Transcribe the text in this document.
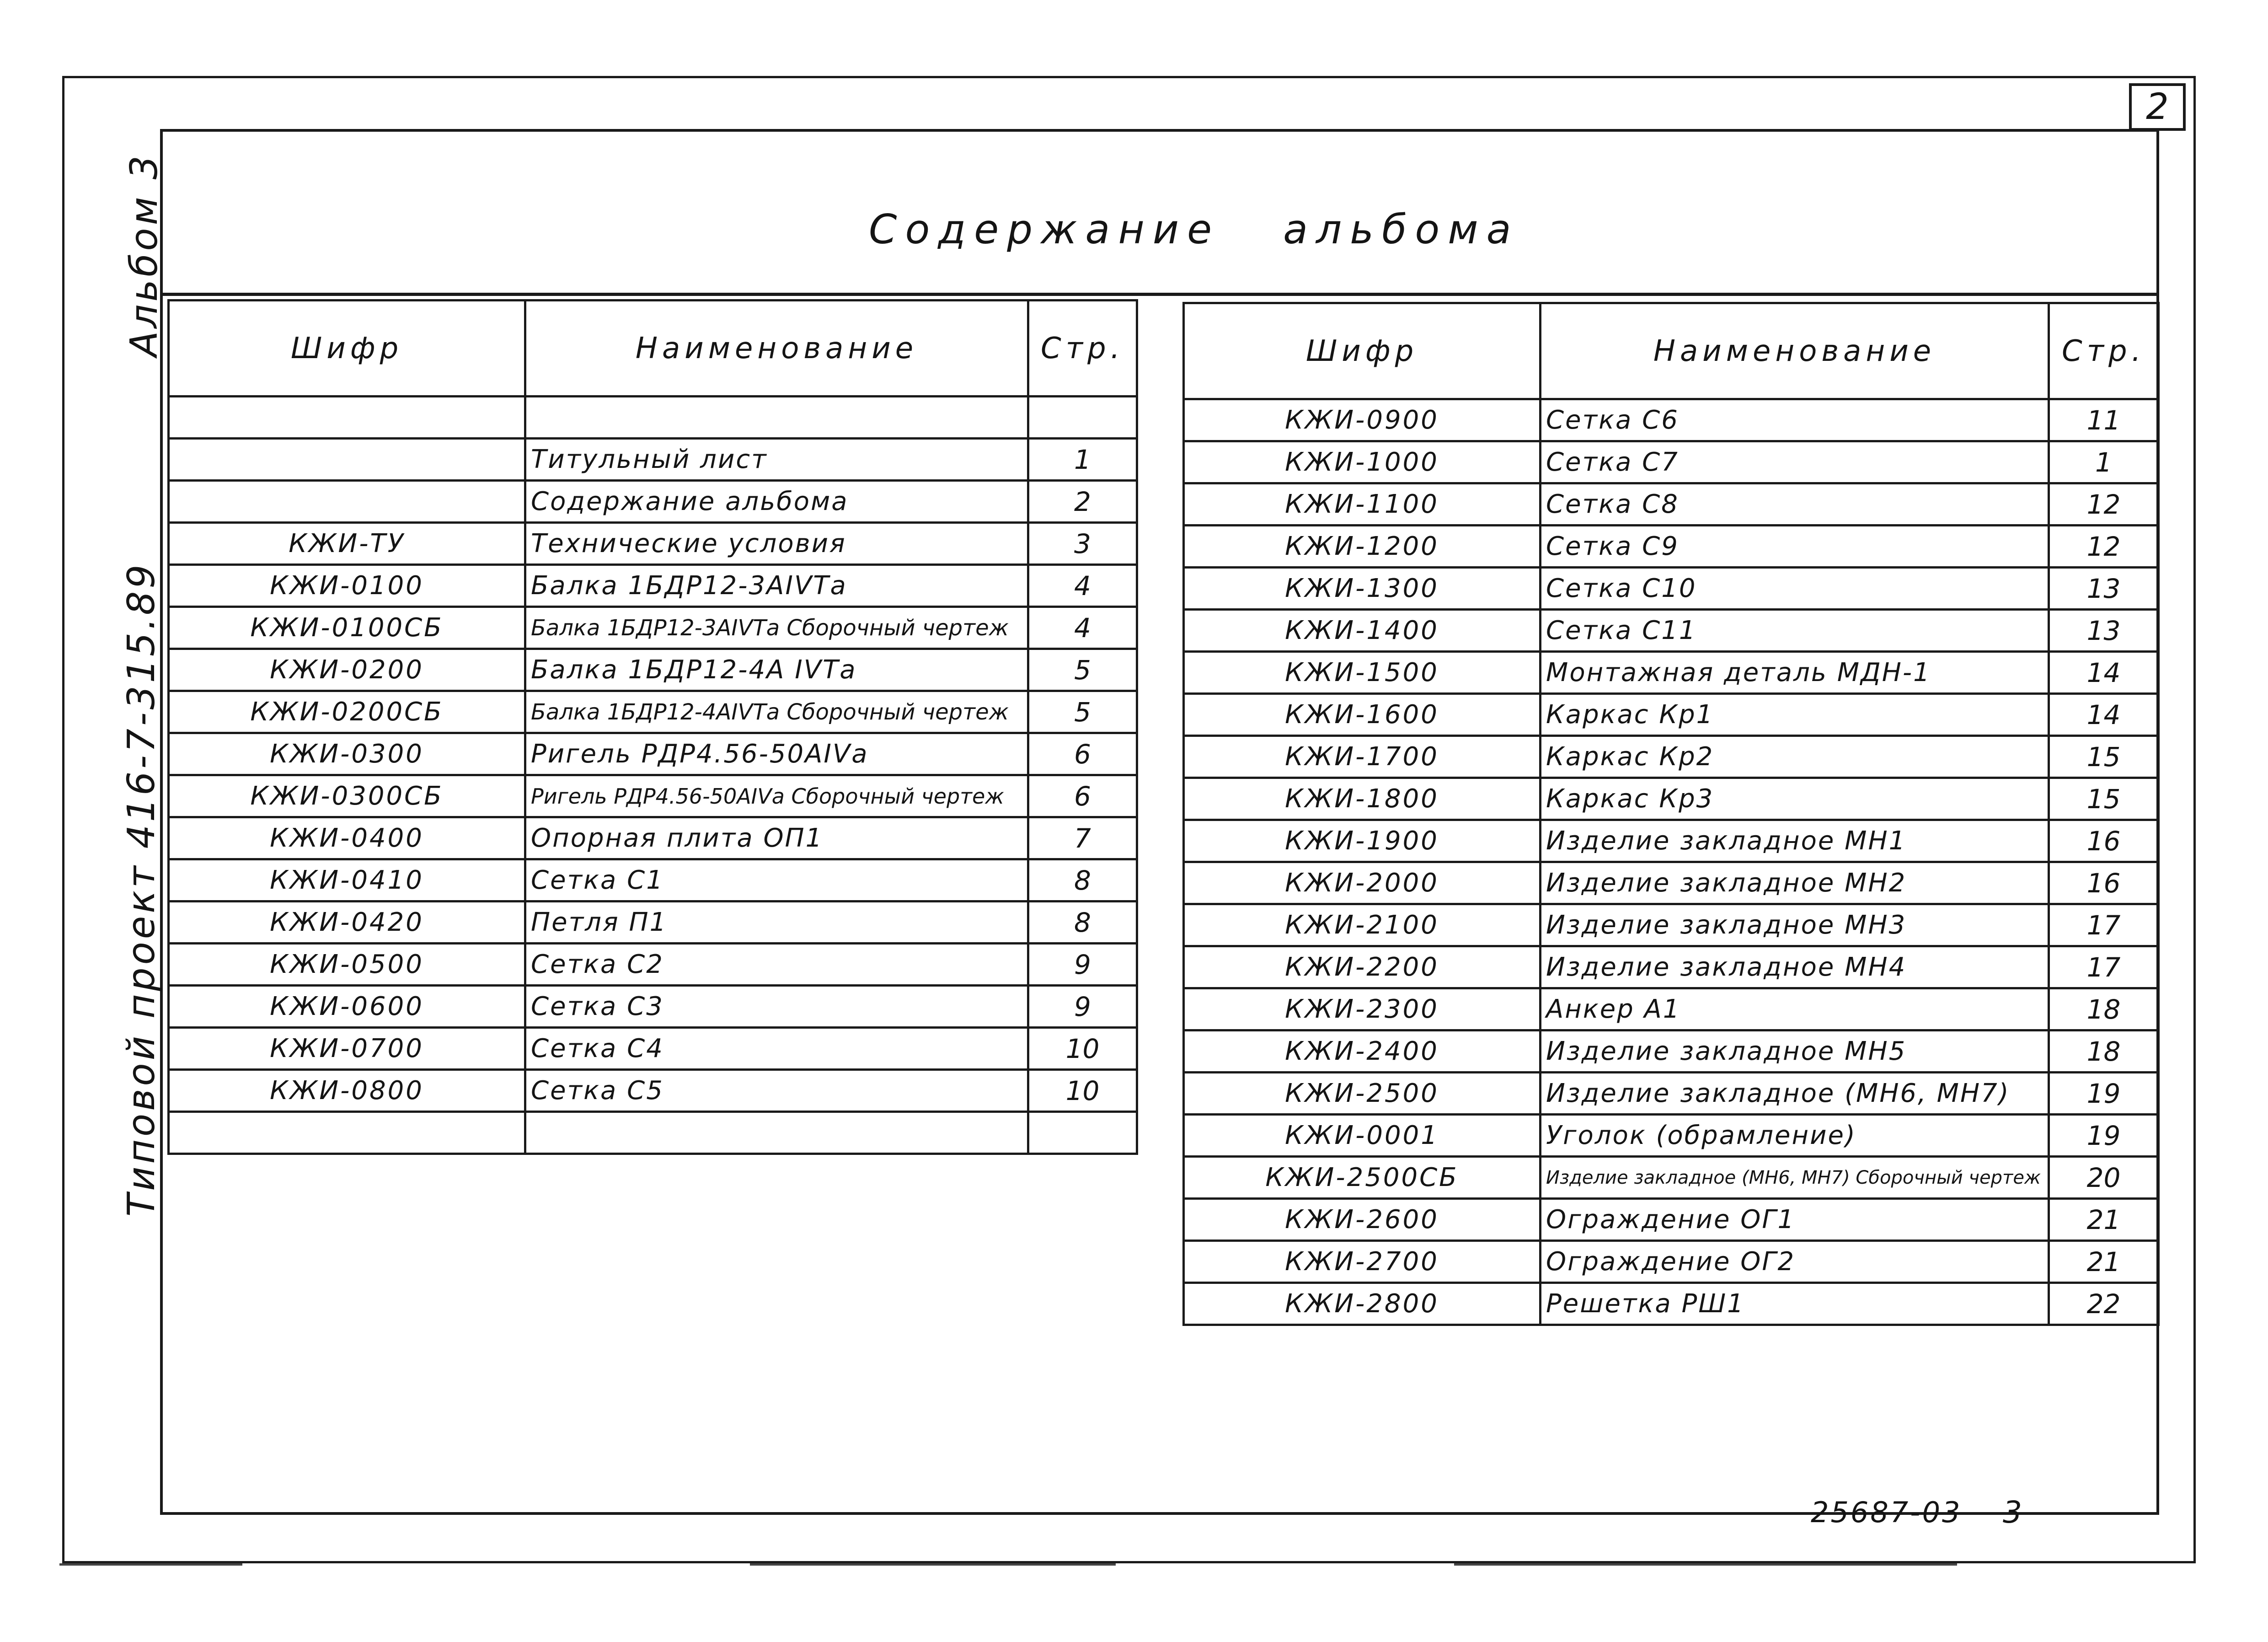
2
Содержание   альбома
Альбом 3
Типовой проект 416-7-315.89
Шифр	Наименование	Стр.

	Титульный лист	1
	Содержание альбома	2
КЖИ-ТУ	Технические условия	3
КЖИ-0100	Балка 1БДР12-3АIVТа	4
КЖИ-0100СБ	Балка 1БДР12-3АIVТа Сборочный чертеж	4
КЖИ-0200	Балка 1БДР12-4А IVТа	5
КЖИ-0200СБ	Балка 1БДР12-4АIVТа Сборочный чертеж	5
КЖИ-0300	Ригель РДР4.56-50АIVа	6
КЖИ-0300СБ	Ригель РДР4.56-50АIVа Сборочный чертеж	6
КЖИ-0400	Опорная плита ОП1	7
КЖИ-0410	Сетка С1	8
КЖИ-0420	Петля П1	8
КЖИ-0500	Сетка С2	9
КЖИ-0600	Сетка С3	9
КЖИ-0700	Сетка С4	10
КЖИ-0800	Сетка С5	10

Шифр	Наименование	Стр.
КЖИ-0900	Сетка С6	11
КЖИ-1000	Сетка С7	1
КЖИ-1100	Сетка С8	12
КЖИ-1200	Сетка С9	12
КЖИ-1300	Сетка С10	13
КЖИ-1400	Сетка С11	13
КЖИ-1500	Монтажная деталь МДН-1	14
КЖИ-1600	Каркас Кр1	14
КЖИ-1700	Каркас Кр2	15
КЖИ-1800	Каркас Кр3	15
КЖИ-1900	Изделие закладное МН1	16
КЖИ-2000	Изделие закладное МН2	16
КЖИ-2100	Изделие закладное МН3	17
КЖИ-2200	Изделие закладное МН4	17
КЖИ-2300	Анкер А1	18
КЖИ-2400	Изделие закладное МН5	18
КЖИ-2500	Изделие закладное (МН6, МН7)	19
КЖИ-0001	Уголок (обрамление)	19
КЖИ-2500СБ	Изделие закладное (МН6, МН7) Сборочный чертеж	20
КЖИ-2600	Ограждение ОГ1	21
КЖИ-2700	Ограждение ОГ2	21
КЖИ-2800	Решетка РШ1	22
25687-03 3
